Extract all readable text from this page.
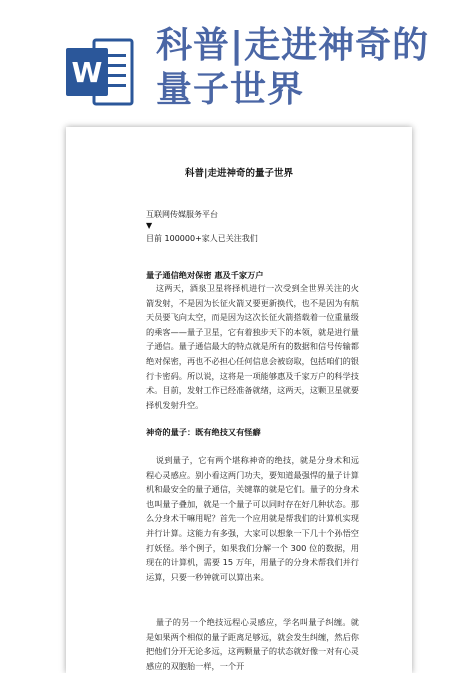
W
科普|走进神奇的
量子世界
科普|走进神奇的量子世界
互联网传媒服务平台
▼
目前 100000+家人已关注我们
量子通信绝对保密 惠及千家万户
这两天，酒泉卫星将择机进行一次受到全世界关注的火箭发射，不是因为长征火箭又要更新换代，也不是因为有航天员要飞向太空，而是因为这次长征火箭搭载着一位重量级的乘客——量子卫星，它有着独步天下的本领，就是进行量子通信。量子通信最大的特点就是所有的数据和信号传输都绝对保密，再也不必担心任何信息会被窃取，包括咱们的银行卡密码。所以说，这将是一项能够惠及千家万户的科学技术。目前，发射工作已经准备就绪，这两天，这颗卫星就要择机发射升空。
神奇的量子：既有绝技又有怪癖
说到量子，它有两个堪称神奇的绝技，就是分身术和远程心灵感应。别小看这两门功夫，要知道最强悍的量子计算机和最安全的量子通信，关键靠的就是它们。量子的分身术也叫量子叠加，就是一个量子可以同时存在好几种状态。那么分身术干嘛用呢？首先一个应用就是帮我们的计算机实现并行计算。这能力有多强，大家可以想象一下几十个孙悟空打妖怪。举个例子，如果我们分解一个 300 位的数据，用现在的计算机，需要 15 万年，用量子的分身术帮我们并行运算，只要一秒钟就可以算出来。
量子的另一个绝技远程心灵感应，学名叫量子纠缠。就是如果两个相似的量子距离足够远，就会发生纠缠，然后你把他们分开无论多远，这两颗量子的状态就好像一对有心灵感应的双胞胎一样，一个开
